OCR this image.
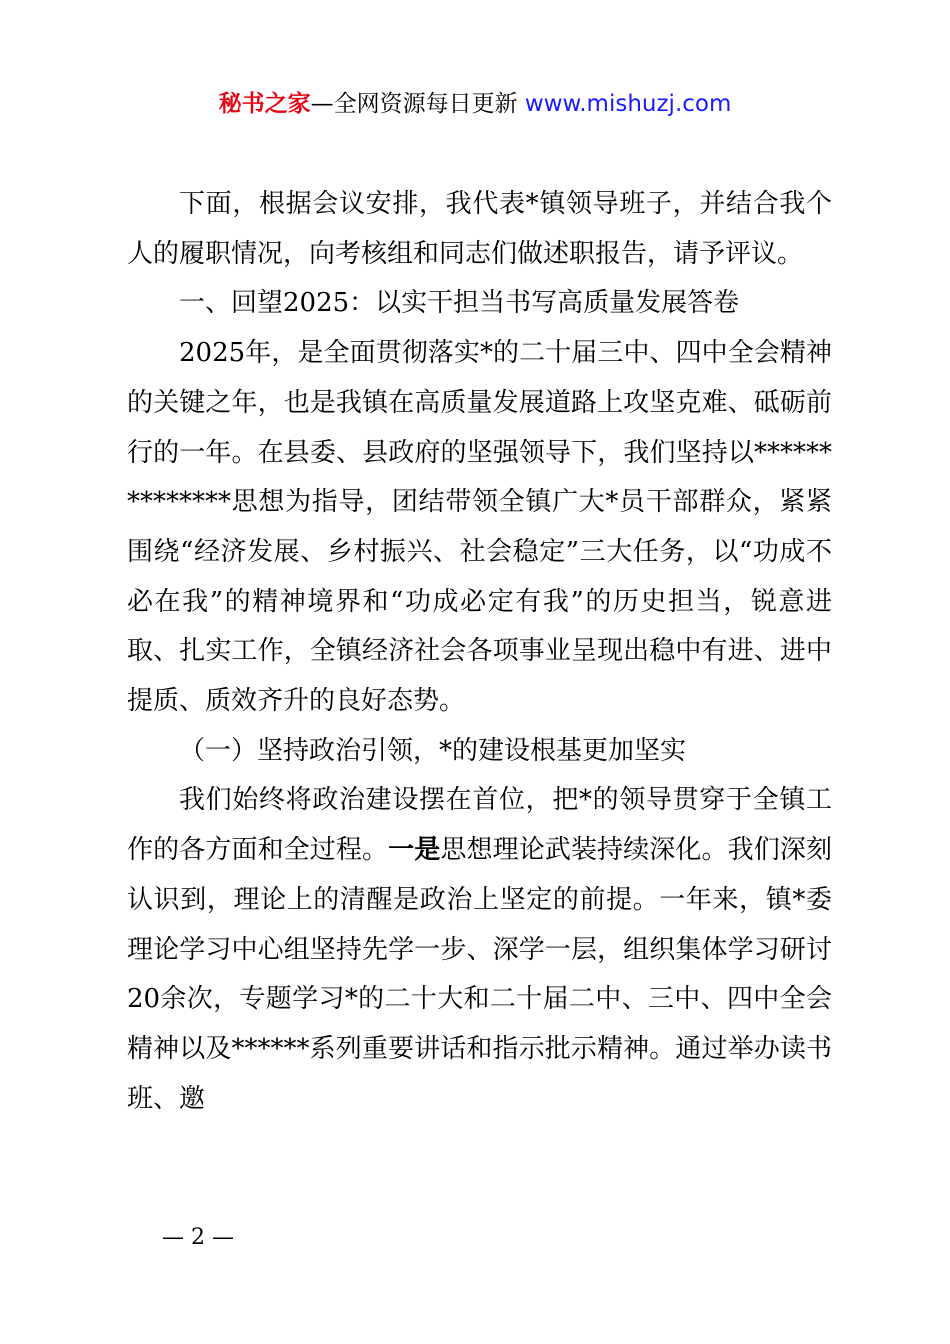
秘书之家—全网资源每日更新 www.mishuzj.com

下面，根据会议安排，我代表*镇领导班子，并结合我个人的履职情况，向考核组和同志们做述职报告，请予评议。

一、回望2025：以实干担当书写高质量发展答卷

2025年，是全面贯彻落实*的二十届三中、四中全会精神的关键之年，也是我镇在高质量发展道路上攻坚克难、砥砺前行的一年。在县委、县政府的坚强领导下，我们坚持以**************思想为指导，团结带领全镇广大*员干部群众，紧紧围绕“经济发展、乡村振兴、社会稳定”三大任务，以“功成不必在我”的精神境界和“功成必定有我”的历史担当，锐意进取、扎实工作，全镇经济社会各项事业呈现出稳中有进、进中提质、质效齐升的良好态势。

（一）坚持政治引领，*的建设根基更加坚实

我们始终将政治建设摆在首位，把*的领导贯穿于全镇工作的各方面和全过程。一是思想理论武装持续深化。我们深刻认识到，理论上的清醒是政治上坚定的前提。一年来，镇*委理论学习中心组坚持先学一步、深学一层，组织集体学习研讨20余次，专题学习*的二十大和二十届二中、三中、四中全会精神以及******系列重要讲话和指示批示精神。通过举办读书班、邀

— 2 —
